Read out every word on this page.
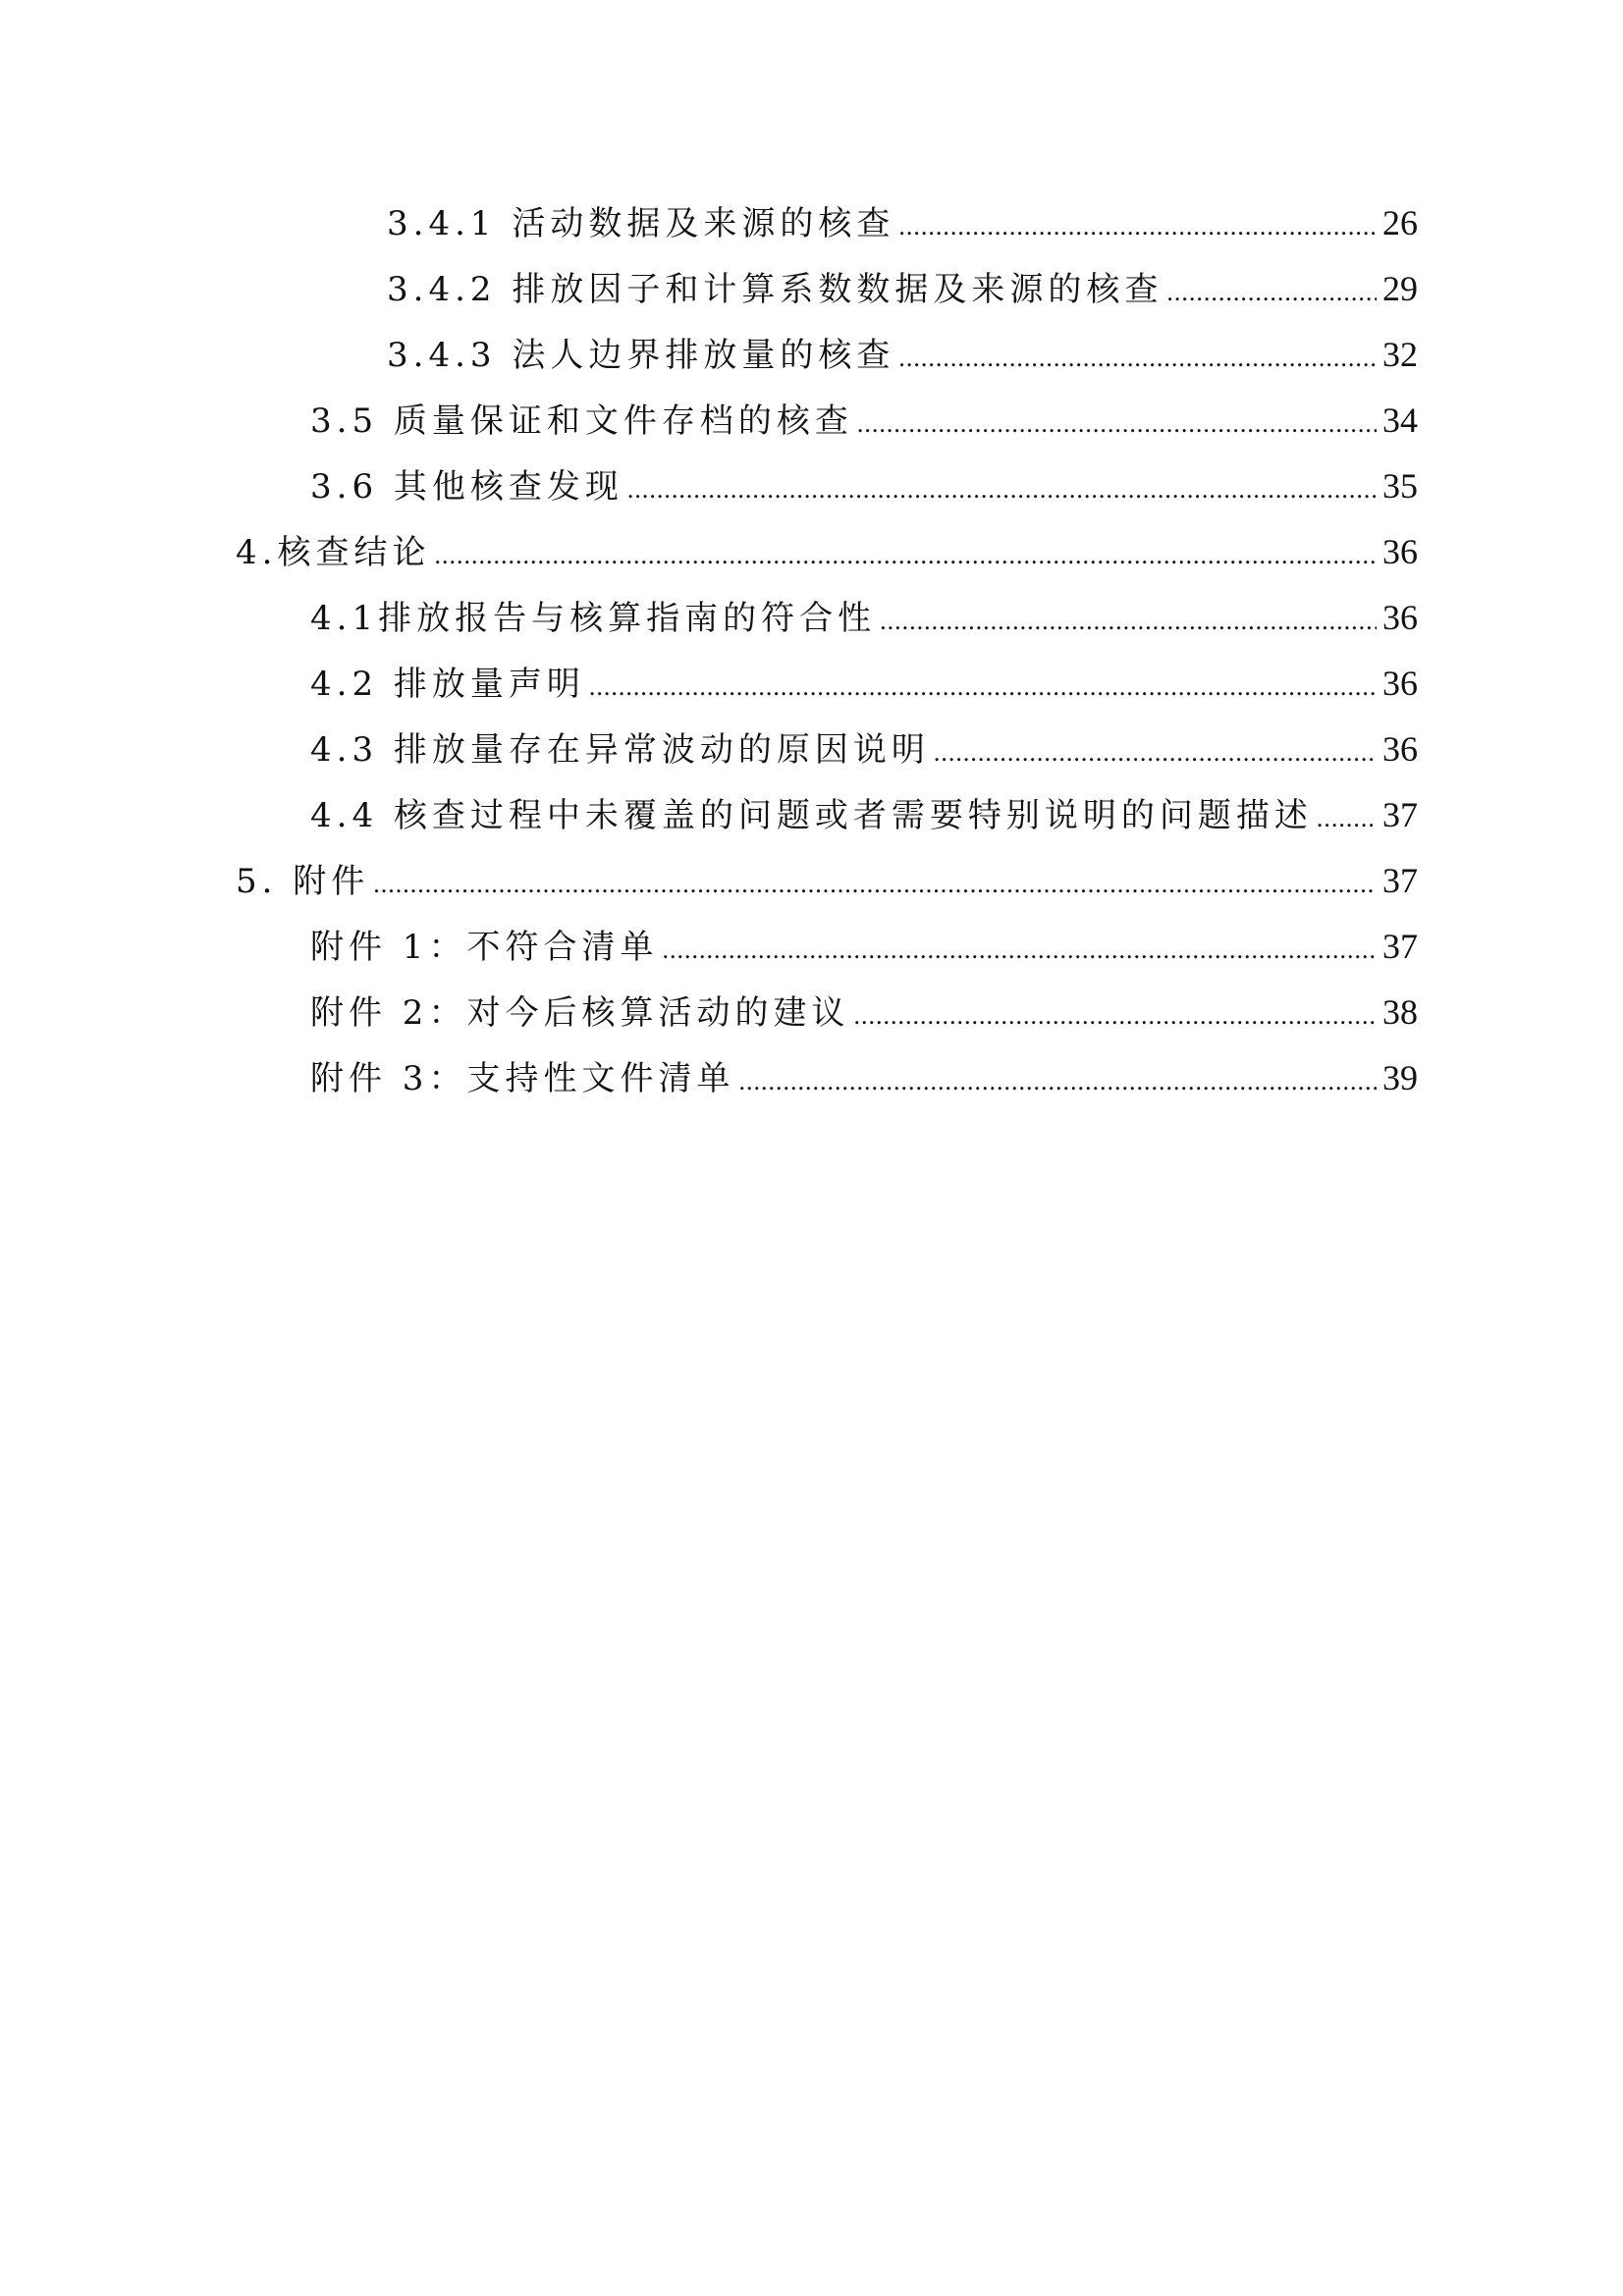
3.4.1 活动数据及来源的核查 .....	26
3.4.2 排放因子和计算系数数据及来源的核查 .....	29
3.4.3 法人边界排放量的核查 .....	32
3.5 质量保证和文件存档的核查 .....	34
3.6 其他核查发现 .....	35
4.核查结论 .....	36
4.1排放报告与核算指南的符合性 .....	36
4.2 排放量声明 .....	36
4.3 排放量存在异常波动的原因说明 .....	36
4.4 核查过程中未覆盖的问题或者需要特别说明的问题描述 ..... 37
5. 附件 .....	37
附件 1：不符合清单 .....	37
附件 2：对今后核算活动的建议 .....	38
附件 3：支持性文件清单 .....	39
